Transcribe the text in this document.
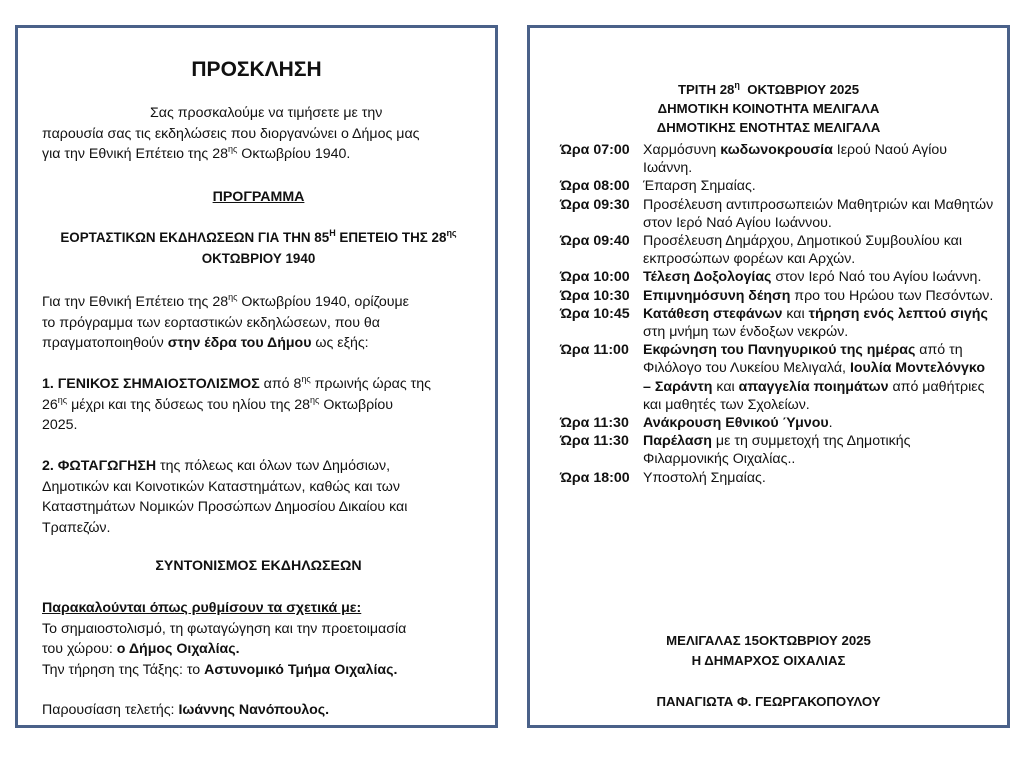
ΠΡΟΣΚΛΗΣΗ
Σας προσκαλούμε να τιμήσετε με την
παρουσία σας τις εκδηλώσεις που διοργανώνει ο Δήμος μας
για την Εθνική Επέτειο της $28^{\eta\varsigma}$ Οκτωβρίου 1940.
ΠΡΟΓΡΑΜΜΑ
ΕΟΡΤΑΣΤΙΚΩΝ ΕΚΔΗΛΩΣΕΩΝ ΓΙΑ ΤΗΝ $85^H$ ΕΠΕΤΕΙΟ ΤΗΣ $28^{\eta\varsigma}$
ΟΚΤΩΒΡΙΟΥ 1940
Για την Εθνική Επέτειο της $28^{\eta\varsigma}$ Οκτωβρίου 1940, ορίζουμε
το πρόγραμμα των εορταστικών εκδηλώσεων, που θα
πραγματοποιηθούν στην έδρα του Δήμου ως εξής:
1. ΓΕΝΙΚΟΣ ΣΗΜΑΙΟΣΤΟΛΙΣΜΟΣ από $8^{\eta\varsigma}$ πρωινής ώρας της
$26^{\eta\varsigma}$ μέχρι και της δύσεως του ηλίου της $28^{\eta\varsigma}$ Οκτωβρίου
2025.
2. ΦΩΤΑΓΩΓΗΣΗ της πόλεως και όλων των Δημόσιων,
Δημοτικών και Κοινοτικών Καταστημάτων, καθώς και των
Καταστημάτων Νομικών Προσώπων Δημοσίου Δικαίου και
Τραπεζών.
ΣΥΝΤΟΝΙΣΜΟΣ ΕΚΔΗΛΩΣΕΩΝ
Παρακαλούνται όπως ρυθμίσουν τα σχετικά με:
Το σημαιοστολισμό, τη φωταγώγηση και την προετοιμασία
του χώρου: ο Δήμος Οιχαλίας.
Την τήρηση της Τάξης: το Αστυνομικό Τμήμα Οιχαλίας.
Παρουσίαση τελετής: Ιωάννης Νανόπουλος.
ΤΡΙΤΗ $28^\eta$  ΟΚΤΩΒΡΙΟΥ 2025
ΔΗΜΟΤΙΚΗ ΚΟΙΝΟΤΗΤΑ ΜΕΛΙΓΑΛΑ
ΔΗΜΟΤΙΚΗΣ ΕΝΟΤΗΤΑΣ ΜΕΛΙΓΑΛΑ
Ώρα 07:00 Χαρμόσυνη κωδωνοκρουσία Ιερού Ναού Αγίου Ιωάννη.
Ώρα 08:00 Έπαρση Σημαίας.
Ώρα 09:30 Προσέλευση αντιπροσωπειών Μαθητριών και Μαθητών στον Ιερό Ναό Αγίου Ιωάννου.
Ώρα 09:40 Προσέλευση Δημάρχου, Δημοτικού Συμβουλίου και εκπροσώπων φορέων και Αρχών.
Ώρα 10:00 Τέλεση Δοξολογίας στον Ιερό Ναό του Αγίου Ιωάννη.
Ώρα 10:30 Επιμνημόσυνη δέηση προ του Ηρώου των Πεσόντων.
Ώρα 10:45 Κατάθεση στεφάνων και τήρηση ενός λεπτού σιγής στη μνήμη των ένδοξων νεκρών.
Ώρα 11:00 Εκφώνηση του Πανηγυρικού της ημέρας από τη Φιλόλογο του Λυκείου Μελιγαλά, Ιουλία Μοντελόνγκο – Σαράντη και απαγγελία ποιημάτων από μαθήτριες και μαθητές των Σχολείων.
Ώρα 11:30 Ανάκρουση Εθνικού Ύμνου.
Ώρα 11:30 Παρέλαση με τη συμμετοχή της Δημοτικής Φιλαρμονικής Οιχαλίας..
Ώρα 18:00 Υποστολή Σημαίας.
ΜΕΛΙΓΑΛΑΣ 15ΟΚΤΩΒΡΙΟΥ 2025
Η ΔΗΜΑΡΧΟΣ ΟΙΧΑΛΙΑΣ
ΠΑΝΑΓΙΩΤΑ Φ. ΓΕΩΡΓΑΚΟΠΟΥΛΟΥ
